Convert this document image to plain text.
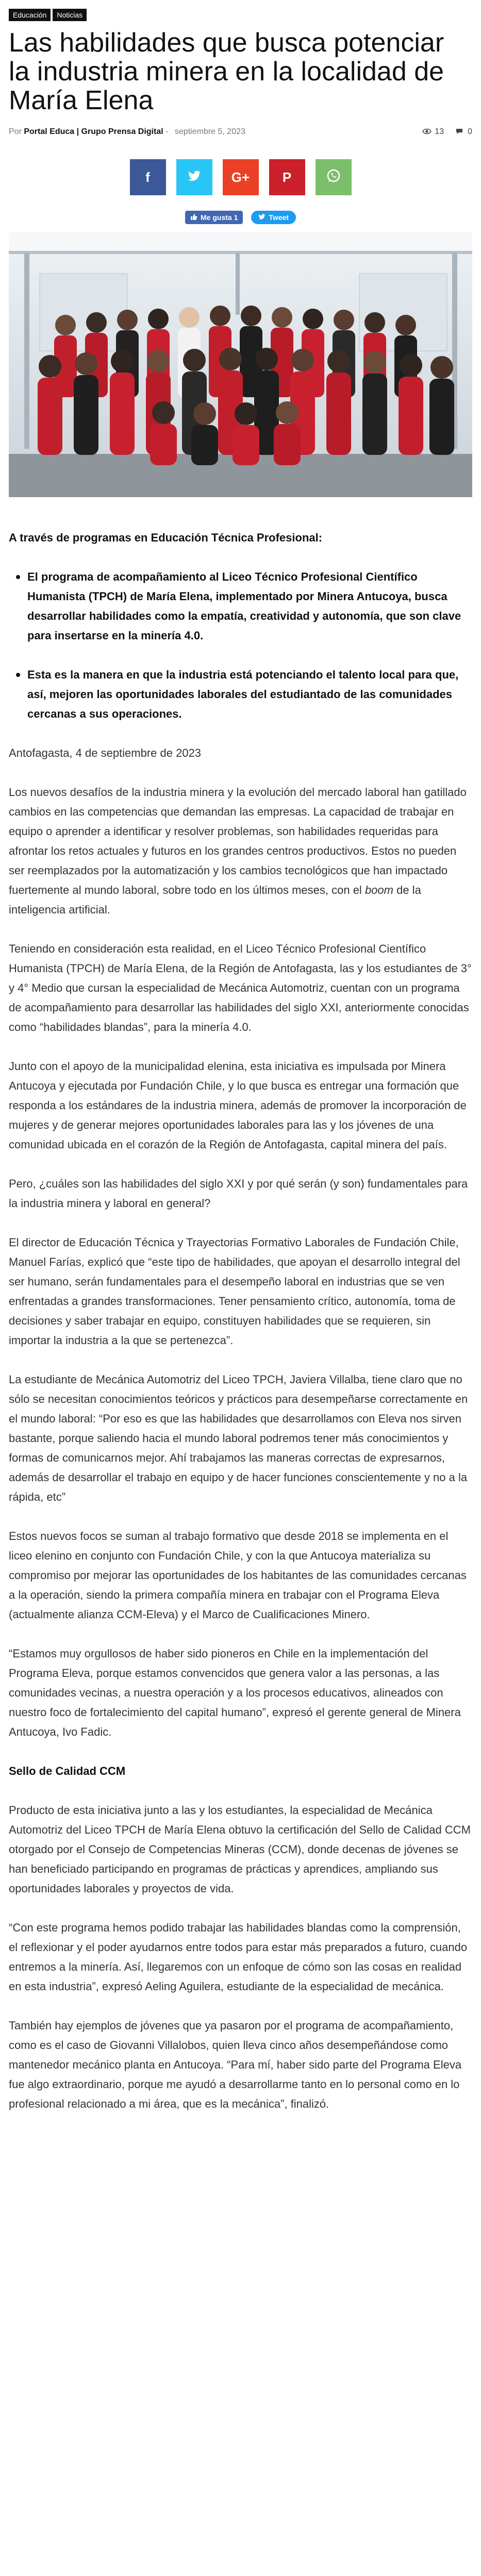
Educación	Noticias
Las habilidades que busca potenciar la industria minera en la localidad de María Elena
Por Portal Educa | Grupo Prensa Digital - septiembre 5, 2023	13	0
f	G+ P
Me gusta 1	Tweet

A través de programas en Educación Técnica Profesional:

El programa de acompañamiento al Liceo Técnico Profesional Científico Humanista (TPCH) de María Elena, implementado por Minera Antucoya, busca desarrollar habilidades como la empatía, creatividad y autonomía, que son clave para insertarse en la minería 4.0.
Esta es la manera en que la industria está potenciando el talento local para que, así, mejoren las oportunidades laborales del estudiantado de las comunidades cercanas a sus operaciones.

Antofagasta, 4 de septiembre de 2023

Los nuevos desafíos de la industria minera y la evolución del mercado laboral han gatillado cambios en las competencias que demandan las empresas. La capacidad de trabajar en equipo o aprender a identificar y resolver problemas, son habilidades requeridas para afrontar los retos actuales y futuros en los grandes centros productivos. Estos no pueden ser reemplazados por la automatización y los cambios tecnológicos que han impactado fuertemente al mundo laboral, sobre todo en los últimos meses, con el boom de la inteligencia artificial.

Teniendo en consideración esta realidad, en el Liceo Técnico Profesional Científico Humanista (TPCH) de María Elena, de la Región de Antofagasta, las y los estudiantes de 3° y 4° Medio que cursan la especialidad de Mecánica Automotriz, cuentan con un programa de acompañamiento para desarrollar las habilidades del siglo XXI, anteriormente conocidas como “habilidades blandas”, para la minería 4.0.

Junto con el apoyo de la municipalidad elenina, esta iniciativa es impulsada por Minera Antucoya y ejecutada por Fundación Chile, y lo que busca es entregar una formación que responda a los estándares de la industria minera, además de promover la incorporación de mujeres y de generar mejores oportunidades laborales para las y los jóvenes de una comunidad ubicada en el corazón de la Región de Antofagasta, capital minera del país.

Pero, ¿cuáles son las habilidades del siglo XXI y por qué serán (y son) fundamentales para la industria minera y laboral en general?

El director de Educación Técnica y Trayectorias Formativo Laborales de Fundación Chile, Manuel Farías, explicó que “este tipo de habilidades, que apoyan el desarrollo integral del ser humano, serán fundamentales para el desempeño laboral en industrias que se ven enfrentadas a grandes transformaciones. Tener pensamiento crítico, autonomía, toma de decisiones y saber trabajar en equipo, constituyen habilidades que se requieren, sin importar la industria a la que se pertenezca”.

La estudiante de Mecánica Automotriz del Liceo TPCH, Javiera Villalba, tiene claro que no sólo se necesitan conocimientos teóricos y prácticos para desempeñarse correctamente en el mundo laboral: “Por eso es que las habilidades que desarrollamos con Eleva nos sirven bastante, porque saliendo hacia el mundo laboral podremos tener más conocimientos y formas de comunicarnos mejor. Ahí trabajamos las maneras correctas de expresarnos, además de desarrollar el trabajo en equipo y de hacer funciones conscientemente y no a la rápida, etc”

Estos nuevos focos se suman al trabajo formativo que desde 2018 se implementa en el liceo elenino en conjunto con Fundación Chile, y con la que Antucoya materializa su compromiso por mejorar las oportunidades de los habitantes de las comunidades cercanas a la operación, siendo la primera compañía minera en trabajar con el Programa Eleva (actualmente alianza CCM-Eleva) y el Marco de Cualificaciones Minero.

“Estamos muy orgullosos de haber sido pioneros en Chile en la implementación del Programa Eleva, porque estamos convencidos que genera valor a las personas, a las comunidades vecinas, a nuestra operación y a los procesos educativos, alineados con nuestro foco de fortalecimiento del capital humano”, expresó el gerente general de Minera Antucoya, Ivo Fadic.

Sello de Calidad CCM

Producto de esta iniciativa junto a las y los estudiantes, la especialidad de Mecánica Automotriz del Liceo TPCH de María Elena obtuvo la certificación del Sello de Calidad CCM otorgado por el Consejo de Competencias Mineras (CCM), donde decenas de jóvenes se han beneficiado participando en programas de prácticas y aprendices, ampliando sus oportunidades laborales y proyectos de vida.

“Con este programa hemos podido trabajar las habilidades blandas como la comprensión, el reflexionar y el poder ayudarnos entre todos para estar más preparados a futuro, cuando entremos a la minería. Así, llegaremos con un enfoque de cómo son las cosas en realidad en esta industria”, expresó Aeling Aguilera, estudiante de la especialidad de mecánica.

También hay ejemplos de jóvenes que ya pasaron por el programa de acompañamiento, como es el caso de Giovanni Villalobos, quien lleva cinco años desempeñándose como mantenedor mecánico planta en Antucoya. “Para mí, haber sido parte del Programa Eleva fue algo extraordinario, porque me ayudó a desarrollarme tanto en lo personal como en lo profesional relacionado a mi área, que es la mecánica”, finalizó.
